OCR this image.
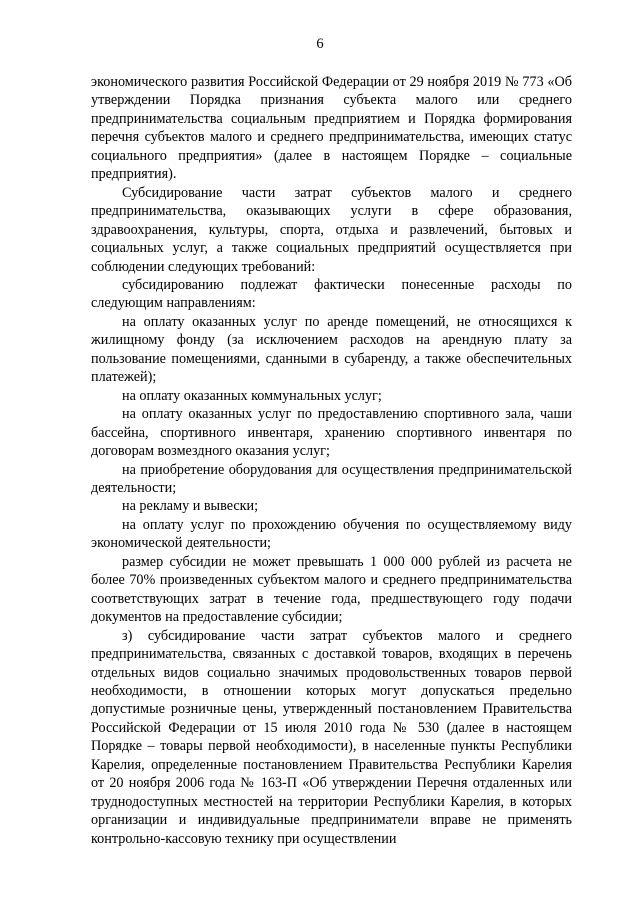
6

экономического развития Российской Федерации от 29 ноября 2019 № 773 «Об утверждении Порядка признания субъекта малого или среднего предпринимательства социальным предприятием и Порядка формирования перечня субъектов малого и среднего предпринимательства, имеющих статус социального предприятия» (далее в настоящем Порядке – социальные предприятия).

Субсидирование части затрат субъектов малого и среднего предпринимательства, оказывающих услуги в сфере образования, здравоохранения, культуры, спорта, отдыха и развлечений, бытовых и социальных услуг, а также социальных предприятий осуществляется при соблюдении следующих требований:

субсидированию подлежат фактически понесенные расходы по следующим направлениям:

на оплату оказанных услуг по аренде помещений, не относящихся к жилищному фонду (за исключением расходов на арендную плату за пользование помещениями, сданными в субаренду, а также обеспечительных платежей);

на оплату оказанных коммунальных услуг;

на оплату оказанных услуг по предоставлению спортивного зала, чаши бассейна, спортивного инвентаря, хранению спортивного инвентаря по договорам возмездного оказания услуг;

на приобретение оборудования для осуществления предпринимательской деятельности;

на рекламу и вывески;

на оплату услуг по прохождению обучения по осуществляемому виду экономической деятельности;

размер субсидии не может превышать 1 000 000 рублей из расчета не более 70% произведенных субъектом малого и среднего предпринимательства соответствующих затрат в течение года, предшествующего году подачи документов на предоставление субсидии;

з) субсидирование части затрат субъектов малого и среднего предпринимательства, связанных с доставкой товаров, входящих в перечень отдельных видов социально значимых продовольственных товаров первой необходимости, в отношении которых могут допускаться предельно допустимые розничные цены, утвержденный постановлением Правительства Российской Федерации от 15 июля 2010 года № 530 (далее в настоящем Порядке – товары первой необходимости), в населенные пункты Республики Карелия, определенные постановлением Правительства Республики Карелия от 20 ноября 2006 года № 163-П «Об утверждении Перечня отдаленных или труднодоступных местностей на территории Республики Карелия, в которых организации и индивидуальные предприниматели вправе не применять контрольно-кассовую технику при осуществлении
